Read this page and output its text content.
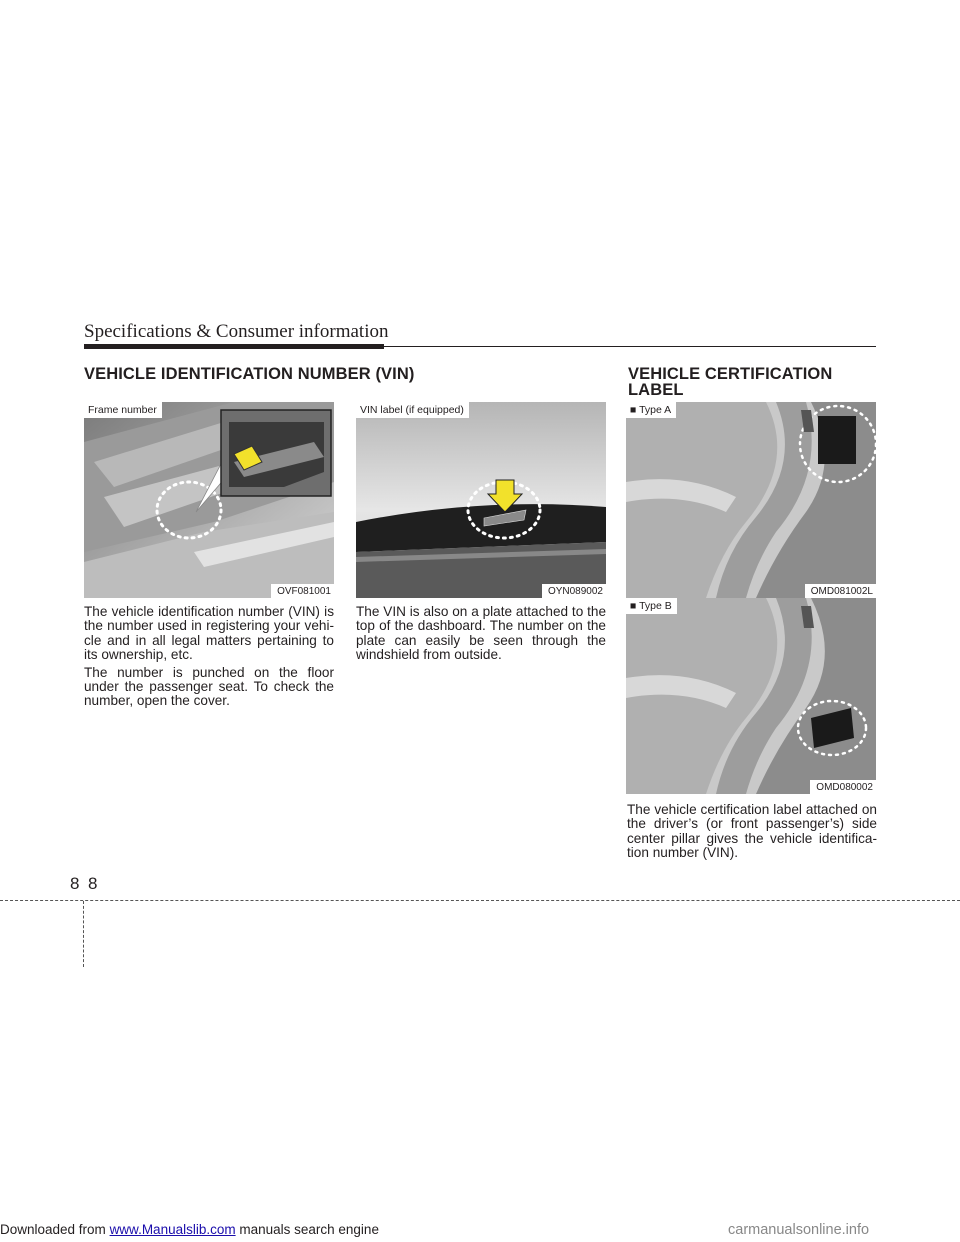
Specifications & Consumer information
VEHICLE IDENTIFICATION NUMBER (VIN)	VEHICLE CERTIFICATION LABEL
Frame number
OVF081001
VIN label (if equipped)
OYN089002
■ Type A
OMD081002L
■ Type B
OMD080002

The vehicle identification number (VIN) is the number used in registering your vehi-cle and in all legal matters pertaining to its ownership, etc.

The number is punched on the floor under the passenger seat. To check the number, open the cover.

The VIN is also on a plate attached to the top of the dashboard. The number on the plate can easily be seen through the windshield from outside.

The vehicle certification label attached on the driver’s (or front passenger’s) side center pillar gives the vehicle identifica-tion number (VIN).

8 8
Downloaded from www.Manualslib.com manuals search engine	carmanualsonline.info
